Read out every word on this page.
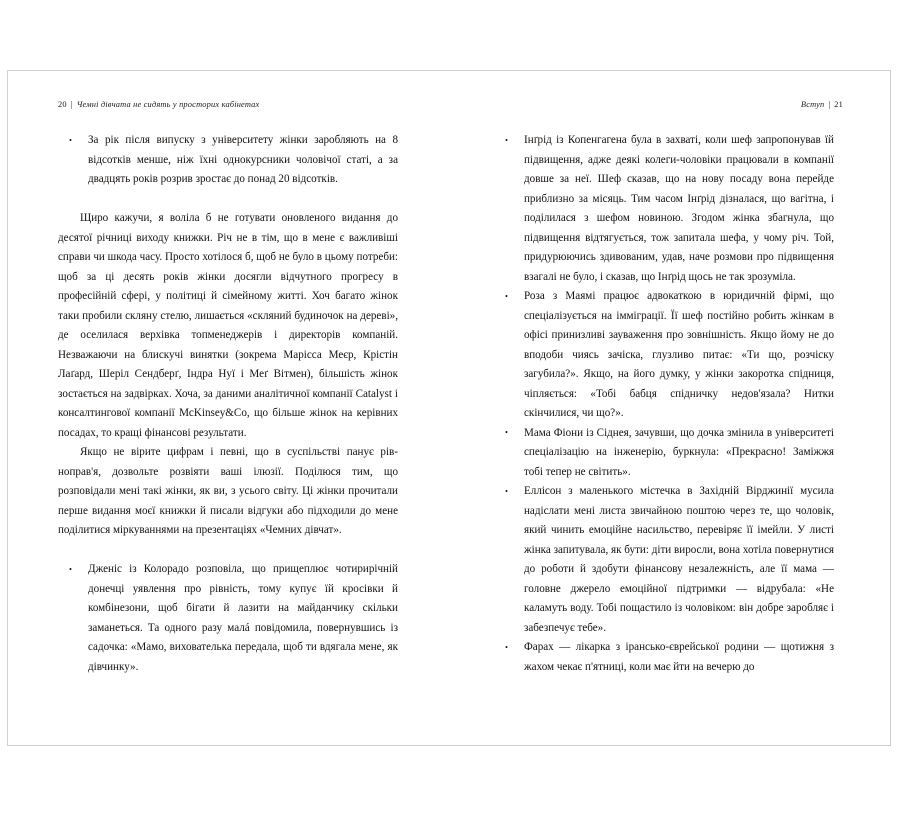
20 | Чемні дівчата не сидять у просторих кабінетах
• За рік після випуску з університету жінки заробляють на 8 відсотків менше, ніж їхні однокурсники чоловічої статі, а за двадцять років розрив зростає до понад 20 відсотків.

Щиро кажучи, я воліла б не готувати оновленого видання до десятої річниці виходу книжки. Річ не в тім, що в мене є важливіші справи чи шкода часу. Просто хотілося б, щоб не було в цьому потреби: щоб за ці десять років жінки досягли відчутного прогресу в професійній сфері, у політиці й сімейному житті. Хоч багато жінок таки пробили скляну стелю, лишається «скляний будиночок на дереві», де оселилася верхівка топменеджерів і директорів компаній. Незважаючи на блискучі винятки (зокрема Марісса Меєр, Крістін Лаґард, Шеріл Сендберґ, Індра Нуї і Меґ Вітмен), більшість жінок зостається на задвірках. Хоча, за даними аналітичної компанії Catalyst і консалтингової компанії McKinsey&Co, що більше жінок на керівних посадах, то кращі фінансові результати.

Якщо не вірите цифрам і певні, що в суспільстві панує рівноправ'я, дозвольте розвіяти ваші ілюзії. Поділюся тим, що розповідали мені такі жінки, як ви, з усього світу. Ці жінки прочитали перше видання моєї книжки й писали відгуки або підходили до мене поділитися міркуваннями на презентаціях «Чемних дівчат».

• Дженіс із Колорадо розповіла, що прищеплює чотирирічній донечці уявлення про рівність, тому купує їй кросівки й комбінезони, щоб бігати й лазити на майданчику скільки заманеться. Та одного разу малá повідомила, повернувшись із садочка: «Мамо, вихователька передала, щоб ти вдягала мене, як дівчинку».
Вступ | 21
• Інґрід із Копенгагена була в захваті, коли шеф запропонував їй підвищення, адже деякі колеги-чоловіки працювали в компанії довше за неї. Шеф сказав, що на нову посаду вона перейде приблизно за місяць. Тим часом Інґрід дізналася, що вагітна, і поділилася з шефом новиною. Згодом жінка збагнула, що підвищення відтягується, тож запитала шефа, у чому річ. Той, придурюючись здивованим, удав, наче розмови про підвищення взагалі не було, і сказав, що Інґрід щось не так зрозуміла.
• Роза з Маямі працює адвокаткою в юридичній фірмі, що спеціалізується на імміграції. Її шеф постійно робить жінкам в офісі принизливі зауваження про зовнішність. Якщо йому не до вподоби чиясь зачіска, глузливо питає: «Ти що, розчіску загубила?». Якщо, на його думку, у жінки закоротка спідниця, чіпляється: «Тобі бабця спідничку недов'язала? Нитки скінчилися, чи що?».
• Мама Фіони із Сіднея, зачувши, що дочка змінила в університеті спеціалізацію на інженерію, буркнула: «Прекрасно! Заміжжя тобі тепер не світить».
• Еллісон з маленького містечка в Західній Вірджинії мусила надіслати мені листа звичайною поштою через те, що чоловік, який чинить емоційне насильство, перевіряє її імейли. У листі жінка запитувала, як бути: діти виросли, вона хотіла повернутися до роботи й здобути фінансову незалежність, але її мама — головне джерело емоційної підтримки — відрубала: «Не каламуть воду. Тобі пощастило із чоловіком: він добре заробляє і забезпечує тебе».
• Фарах — лікарка з ірансько-єврейської родини — щотижня з жахом чекає п'ятниці, коли має йти на вечерю до
